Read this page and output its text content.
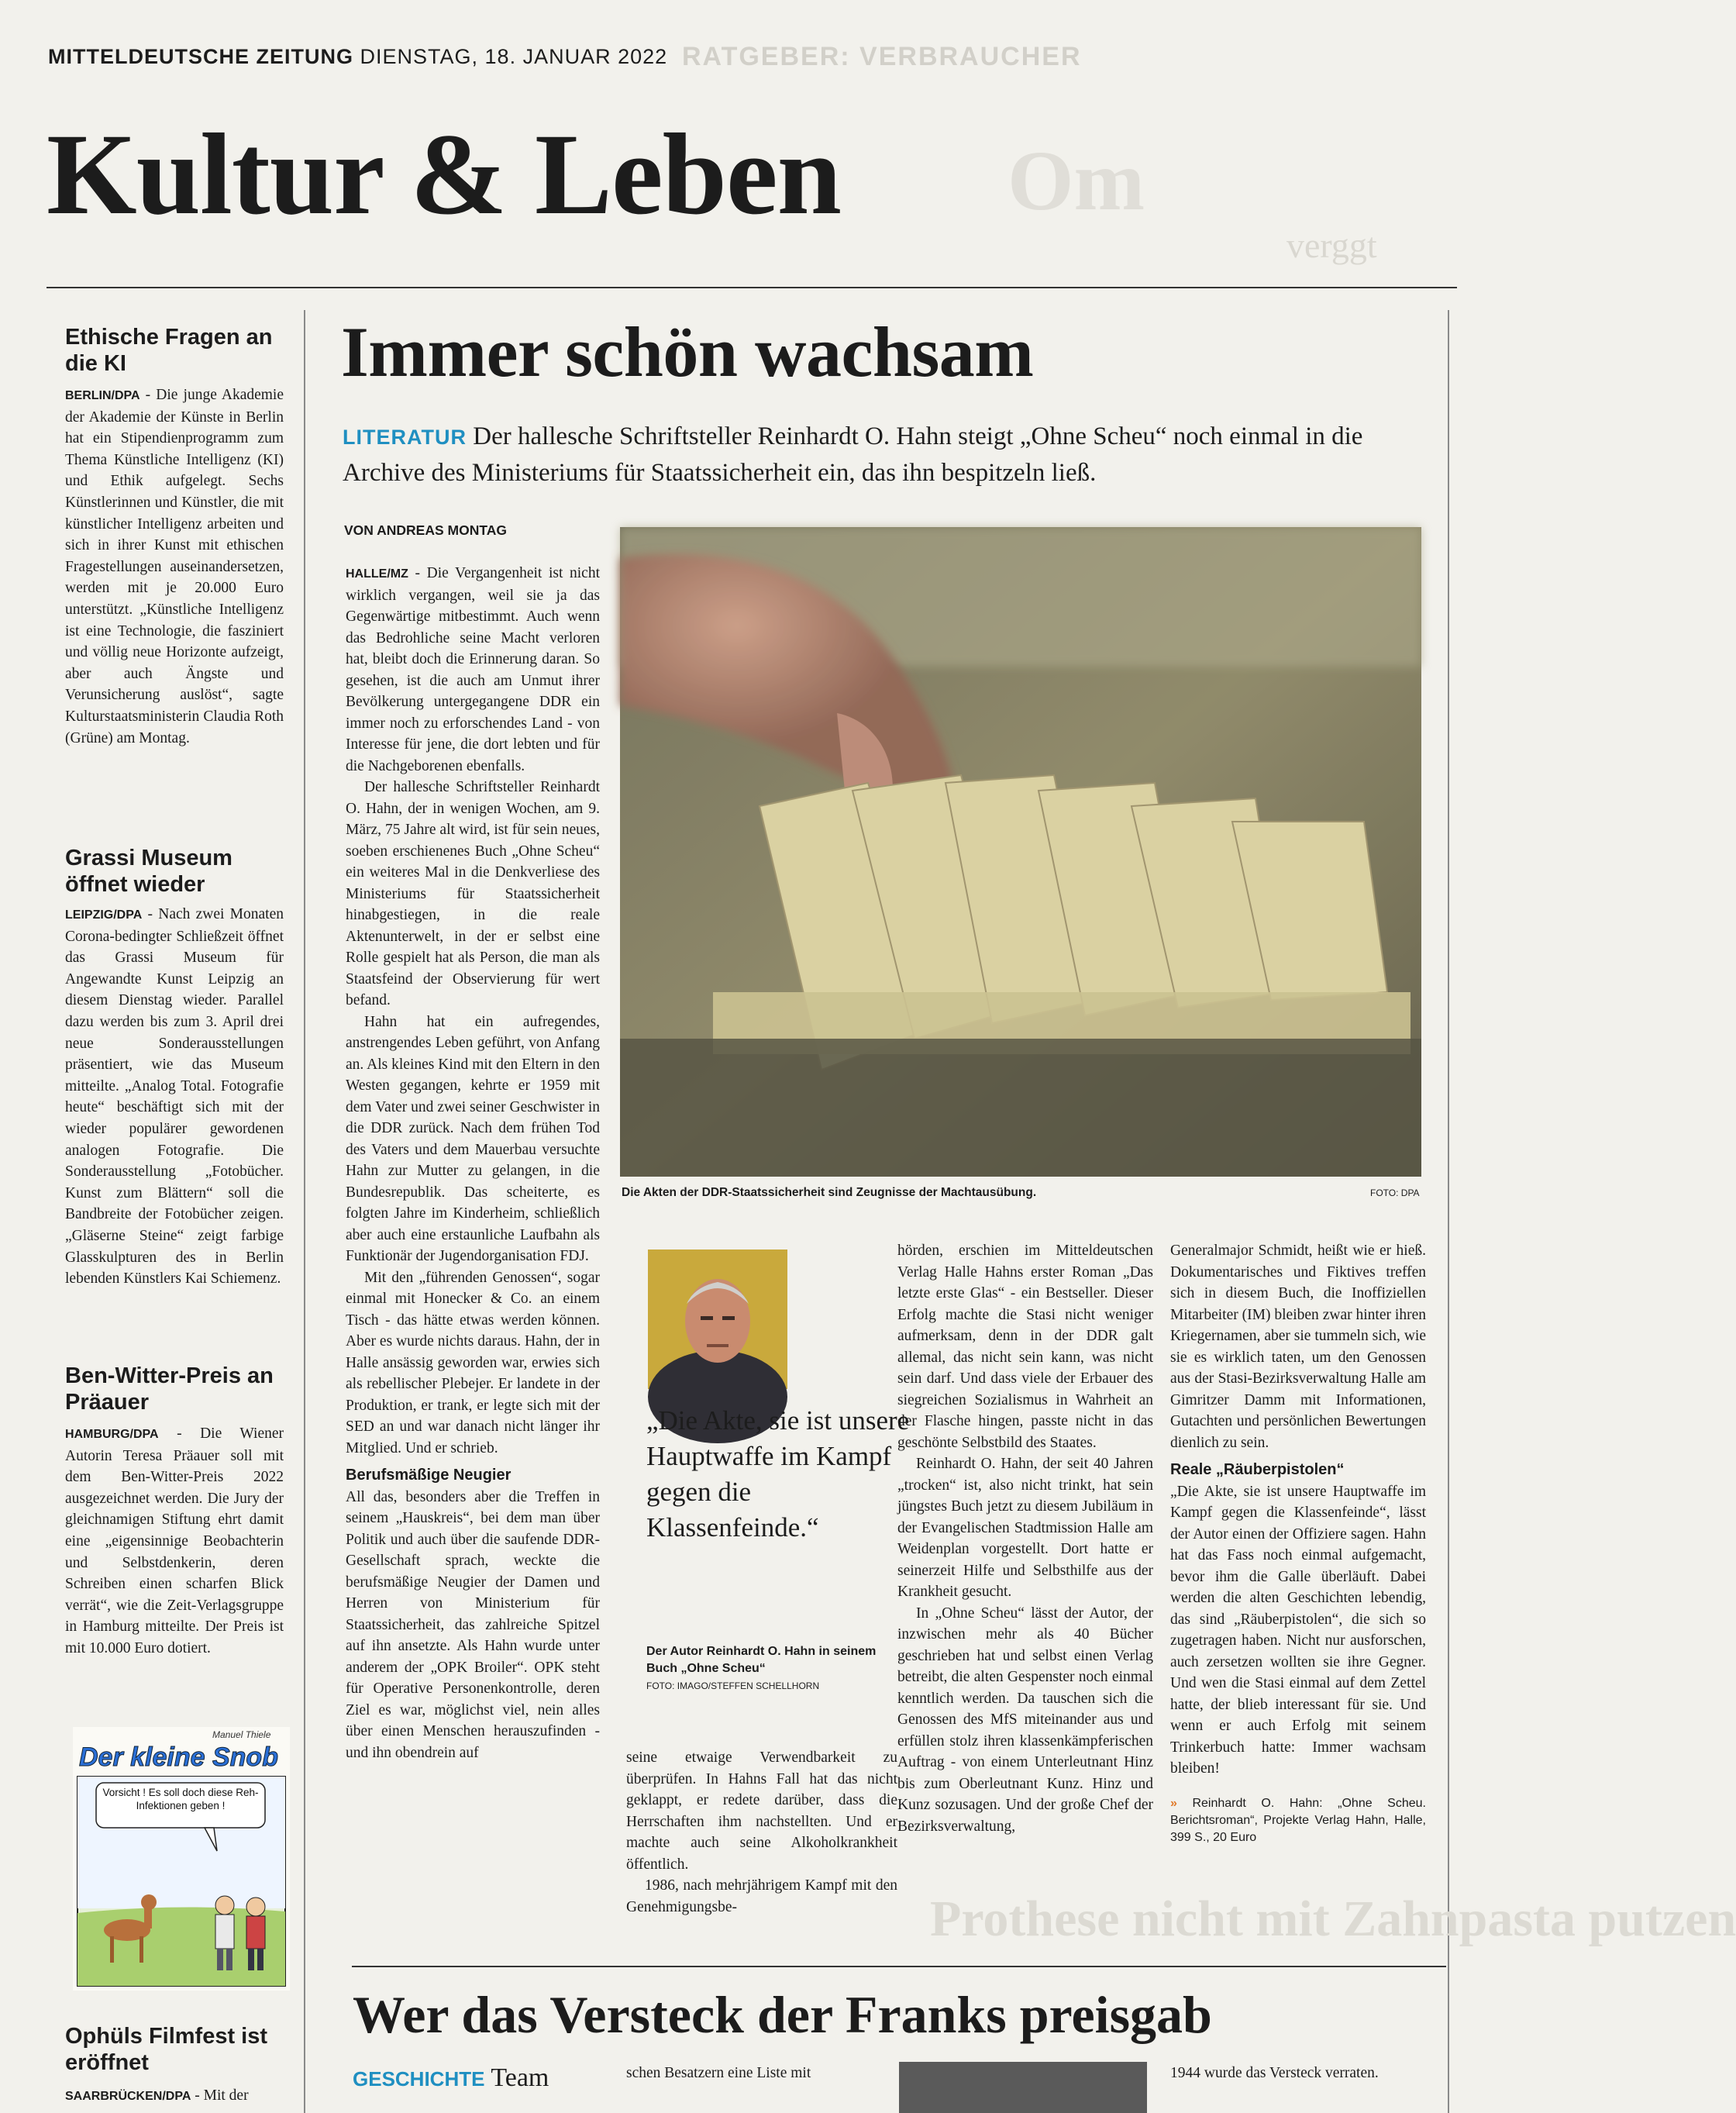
MITTELDEUTSCHE ZEITUNG DIENSTAG, 18. JANUAR 2022 RATGEBER: VERBRAUCHER
Om
verggt
Kultur & Leben
Ethische Fragen an die KI

BERLIN/DPA - Die junge Akademie der Akademie der Künste in Berlin hat ein Stipendienprogramm zum Thema Künstliche Intelligenz (KI) und Ethik aufgelegt. Sechs Künstlerinnen und Künstler, die mit künstlicher Intelligenz arbeiten und sich in ihrer Kunst mit ethischen Fragestellungen auseinandersetzen, werden mit je 20.000 Euro unterstützt. „Künstliche Intelligenz ist eine Technologie, die fasziniert und völlig neue Horizonte aufzeigt, aber auch Ängste und Verunsicherung auslöst“, sagte Kulturstaatsministerin Claudia Roth (Grüne) am Montag.

Grassi Museum öffnet wieder

LEIPZIG/DPA - Nach zwei Monaten Corona-bedingter Schließzeit öffnet das Grassi Museum für Angewandte Kunst Leipzig an diesem Dienstag wieder. Parallel dazu werden bis zum 3. April drei neue Sonderausstellungen präsentiert, wie das Museum mitteilte. „Analog Total. Fotografie heute“ beschäftigt sich mit der wieder populärer gewordenen analogen Fotografie. Die Sonderausstellung „Fotobücher. Kunst zum Blättern“ soll die Bandbreite der Fotobücher zeigen. „Gläserne Steine“ zeigt farbige Glasskulpturen des in Berlin lebenden Künstlers Kai Schiemenz.

Ben-Witter-Preis an Präauer

HAMBURG/DPA - Die Wiener Autorin Teresa Präauer soll mit dem Ben-Witter-Preis 2022 ausgezeichnet werden. Die Jury der gleichnamigen Stiftung ehrt damit eine „eigensinnige Beobachterin und Selbstdenkerin, deren Schreiben einen scharfen Blick verrät“, wie die Zeit-Verlagsgruppe in Hamburg mitteilte. Der Preis ist mit 10.000 Euro dotiert.

Der kleine Snob
Manuel Thiele
Vorsicht ! Es soll doch diese Reh-Infektionen geben !
Ophüls Filmfest ist eröffnet

SAARBRÜCKEN/DPA - Mit der

Immer schön wachsam
LITERATUR Der hallesche Schriftsteller Reinhardt O. Hahn steigt „Ohne Scheu“ noch einmal in die Archive des Ministeriums für Staatssicherheit ein, das ihn bespitzeln ließ.
VON ANDREAS MONTAG
Die Akten der DDR-Staatssicherheit sind Zeugnisse der Machtausübung.	FOTO: DPA

HALLE/MZ - Die Vergangenheit ist nicht wirklich vergangen, weil sie ja das Gegenwärtige mitbestimmt. Auch wenn das Bedrohliche seine Macht verloren hat, bleibt doch die Erinnerung daran. So gesehen, ist die auch am Unmut ihrer Bevölkerung untergegangene DDR ein immer noch zu erforschendes Land - von Interesse für jene, die dort lebten und für die Nachgeborenen ebenfalls.

Der hallesche Schriftsteller Reinhardt O. Hahn, der in wenigen Wochen, am 9. März, 75 Jahre alt wird, ist für sein neues, soeben erschienenes Buch „Ohne Scheu“ ein weiteres Mal in die Denkverliese des Ministeriums für Staatssicherheit hinabgestiegen, in die reale Aktenunterwelt, in der er selbst eine Rolle gespielt hat als Person, die man als Staatsfeind der Observierung für wert befand.

Hahn hat ein aufregendes, anstrengendes Leben geführt, von Anfang an. Als kleines Kind mit den Eltern in den Westen gegangen, kehrte er 1959 mit dem Vater und zwei seiner Geschwister in die DDR zurück. Nach dem frühen Tod des Vaters und dem Mauerbau versuchte Hahn zur Mutter zu gelangen, in die Bundesrepublik. Das scheiterte, es folgten Jahre im Kinderheim, schließlich aber auch eine erstaunliche Laufbahn als Funktionär der Jugendorganisation FDJ.

Mit den „führenden Genossen“, sogar einmal mit Honecker & Co. an einem Tisch - das hätte etwas werden können. Aber es wurde nichts daraus. Hahn, der in Halle ansässig geworden war, erwies sich als rebellischer Plebejer. Er landete in der Produktion, er trank, er legte sich mit der SED an und war danach nicht länger ihr Mitglied. Und er schrieb.

Berufsmäßige Neugier

All das, besonders aber die Treffen in seinem „Hauskreis“, bei dem man über Politik und auch über die saufende DDR-Gesellschaft sprach, weckte die berufsmäßige Neugier der Damen und Herren von Ministerium für Staatssicherheit, das zahlreiche Spitzel auf ihn ansetzte. Als Hahn wurde unter anderem der „OPK Broiler“. OPK steht für Operative Personenkontrolle, deren Ziel es war, möglichst viel, nein alles über einen Menschen herauszufinden - und ihn obendrein auf

„Die Akte, sie ist unsere Hauptwaffe im Kampf gegen die Klassenfeinde.“
Der Autor Reinhardt O. Hahn in seinem Buch „Ohne Scheu“
FOTO: IMAGO/STEFFEN SCHELLHORN

seine etwaige Verwendbarkeit zu überprüfen. In Hahns Fall hat das nicht geklappt, er redete darüber, dass die Herrschaften ihm nachstellten. Und er machte auch seine Alkoholkrankheit öffentlich.

1986, nach mehrjährigem Kampf mit den Genehmigungsbe-

hörden, erschien im Mitteldeutschen Verlag Halle Hahns erster Roman „Das letzte erste Glas“ - ein Bestseller. Dieser Erfolg machte die Stasi nicht weniger aufmerksam, denn in der DDR galt allemal, das nicht sein kann, was nicht sein darf. Und dass viele der Erbauer des siegreichen Sozialismus in Wahrheit an der Flasche hingen, passte nicht in das geschönte Selbstbild des Staates.

Reinhardt O. Hahn, der seit 40 Jahren „trocken“ ist, also nicht trinkt, hat sein jüngstes Buch jetzt zu diesem Jubiläum in der Evangelischen Stadtmission Halle am Weidenplan vorgestellt. Dort hatte er seinerzeit Hilfe und Selbsthilfe aus der Krankheit gesucht.

In „Ohne Scheu“ lässt der Autor, der inzwischen mehr als 40 Bücher geschrieben hat und selbst einen Verlag betreibt, die alten Gespenster noch einmal kenntlich werden. Da tauschen sich die Genossen des MfS miteinander aus und erfüllen stolz ihren klassenkämpferischen Auftrag - von einem Unterleutnant Hinz bis zum Oberleutnant Kunz. Hinz und Kunz sozusagen. Und der große Chef der Bezirksverwaltung,

Generalmajor Schmidt, heißt wie er hieß. Dokumentarisches und Fiktives treffen sich in diesem Buch, die Inoffiziellen Mitarbeiter (IM) bleiben zwar hinter ihren Kriegernamen, aber sie tummeln sich, wie sie es wirklich taten, um den Genossen aus der Stasi-Bezirksverwaltung Halle am Gimritzer Damm mit Informationen, Gutachten und persönlichen Bewertungen dienlich zu sein.

Reale „Räuberpistolen“

„Die Akte, sie ist unsere Hauptwaffe im Kampf gegen die Klassenfeinde“, lässt der Autor einen der Offiziere sagen. Hahn hat das Fass noch einmal aufgemacht, bevor ihm die Galle überläuft. Dabei werden die alten Geschichten lebendig, das sind „Räuberpistolen“, die sich so zugetragen haben. Nicht nur ausforschen, auch zersetzen wollten sie ihre Gegner. Und wen die Stasi einmal auf dem Zettel hatte, der blieb interessant für sie. Und wenn er auch Erfolg mit seinem Trinkerbuch hatte: Immer wachsam bleiben!

» Reinhardt O. Hahn: „Ohne Scheu. Berichtsroman“, Projekte Verlag Hahn, Halle, 399 S., 20 Euro

Prothese nicht mit Zahnpasta putzen
Wer das Versteck der Franks preisgab
GESCHICHTE Team	schen Besatzern eine Liste mit	1944 wurde das Versteck verraten.
